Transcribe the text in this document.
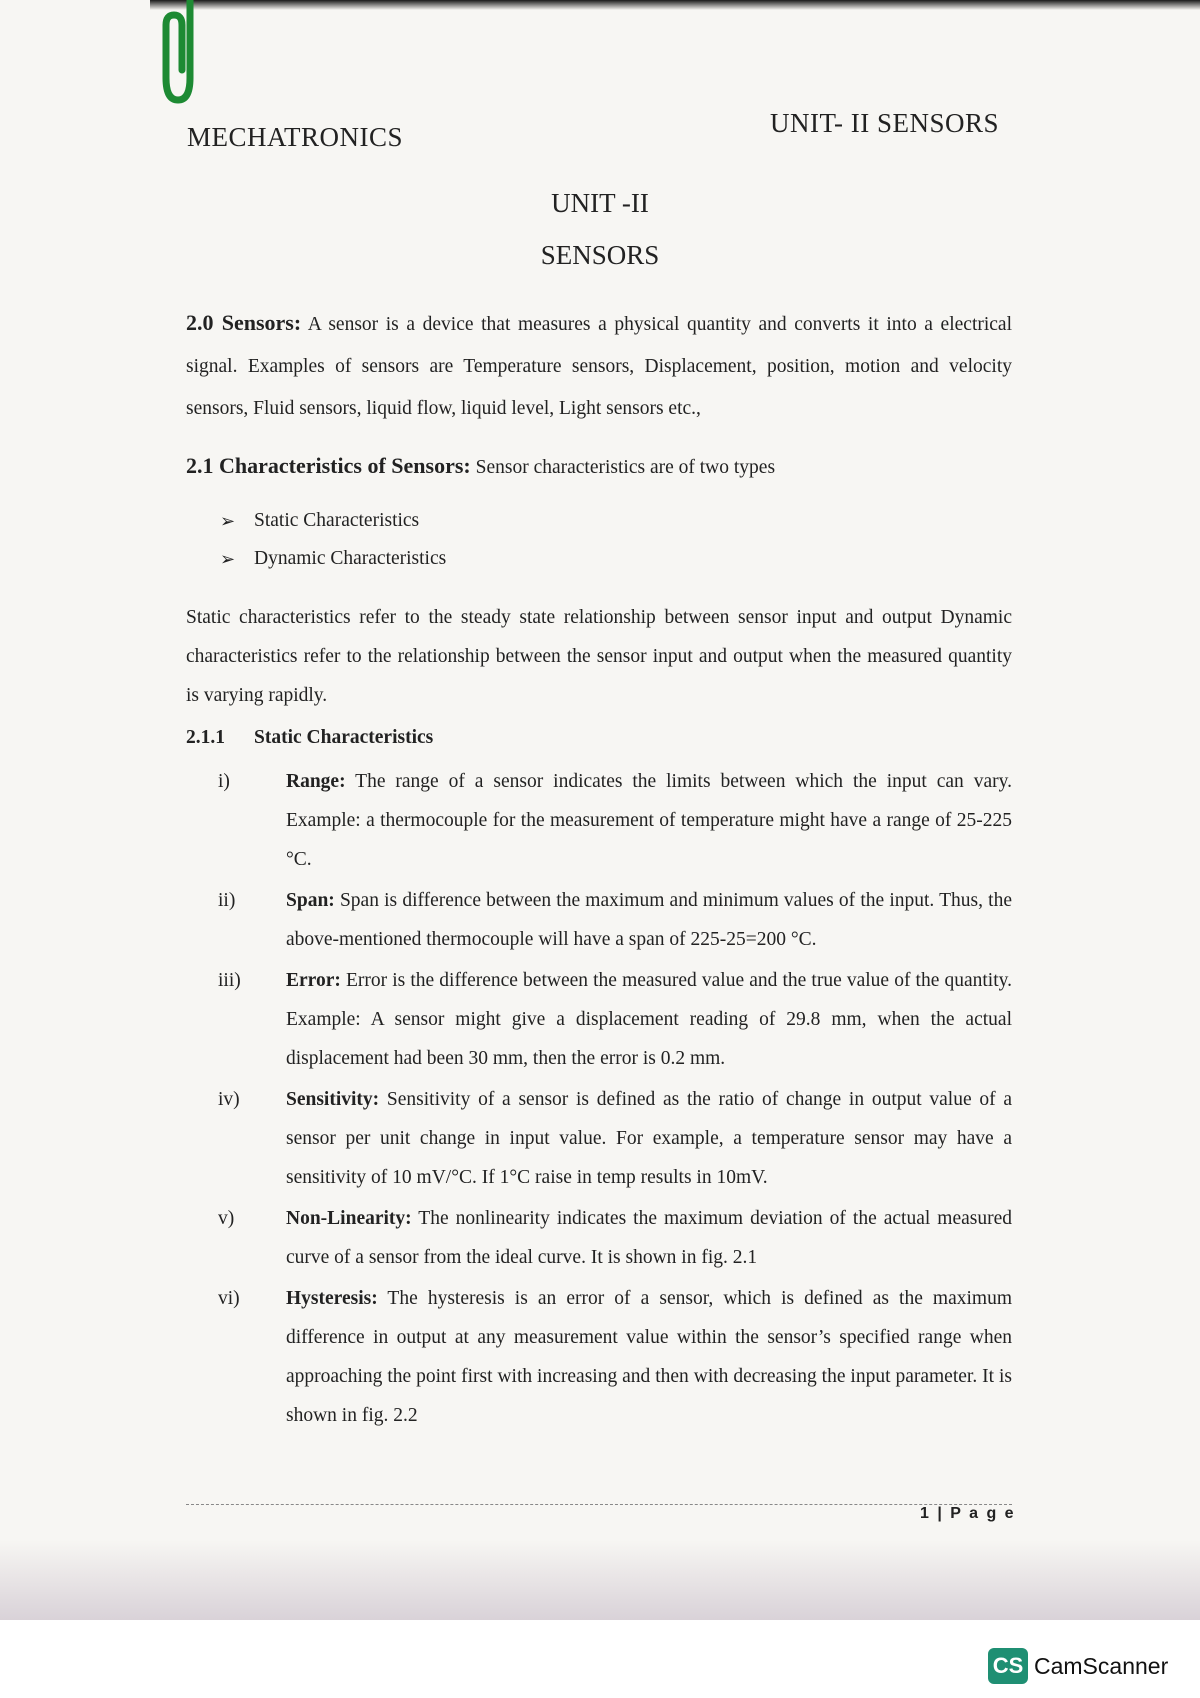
MECHATRONICS	UNIT- II SENSORS
UNIT -II
SENSORS
2.0 Sensors: A sensor is a device that measures a physical quantity and converts it into a electrical signal. Examples of sensors are Temperature sensors, Displacement, position, motion and velocity sensors, Fluid sensors, liquid flow, liquid level, Light sensors etc.,
2.1 Characteristics of Sensors: Sensor characteristics are of two types
➢ Static Characteristics
➢ Dynamic Characteristics
Static characteristics refer to the steady state relationship between sensor input and output Dynamic characteristics refer to the relationship between the sensor input and output when the measured quantity is varying rapidly.
2.1.1 Static Characteristics
i)	Range: The range of a sensor indicates the limits between which the input can vary. Example: a thermocouple for the measurement of temperature might have a range of 25-225 °C.
ii)	Span: Span is difference between the maximum and minimum values of the input. Thus, the above-mentioned thermocouple will have a span of 225-25=200 °C.
iii)	Error: Error is the difference between the measured value and the true value of the quantity. Example: A sensor might give a displacement reading of 29.8 mm, when the actual displacement had been 30 mm, then the error is 0.2 mm.
iv)	Sensitivity: Sensitivity of a sensor is defined as the ratio of change in output value of a sensor per unit change in input value. For example, a temperature sensor may have a sensitivity of 10 mV/°C. If 1°C raise in temp results in 10mV.
v)	Non-Linearity: The nonlinearity indicates the maximum deviation of the actual measured curve of a sensor from the ideal curve. It is shown in fig. 2.1
vi)	Hysteresis: The hysteresis is an error of a sensor, which is defined as the maximum difference in output at any measurement value within the sensor’s specified range when approaching the point first with increasing and then with decreasing the input parameter. It is shown in fig. 2.2
1 | P a g e
CS CamScanner
